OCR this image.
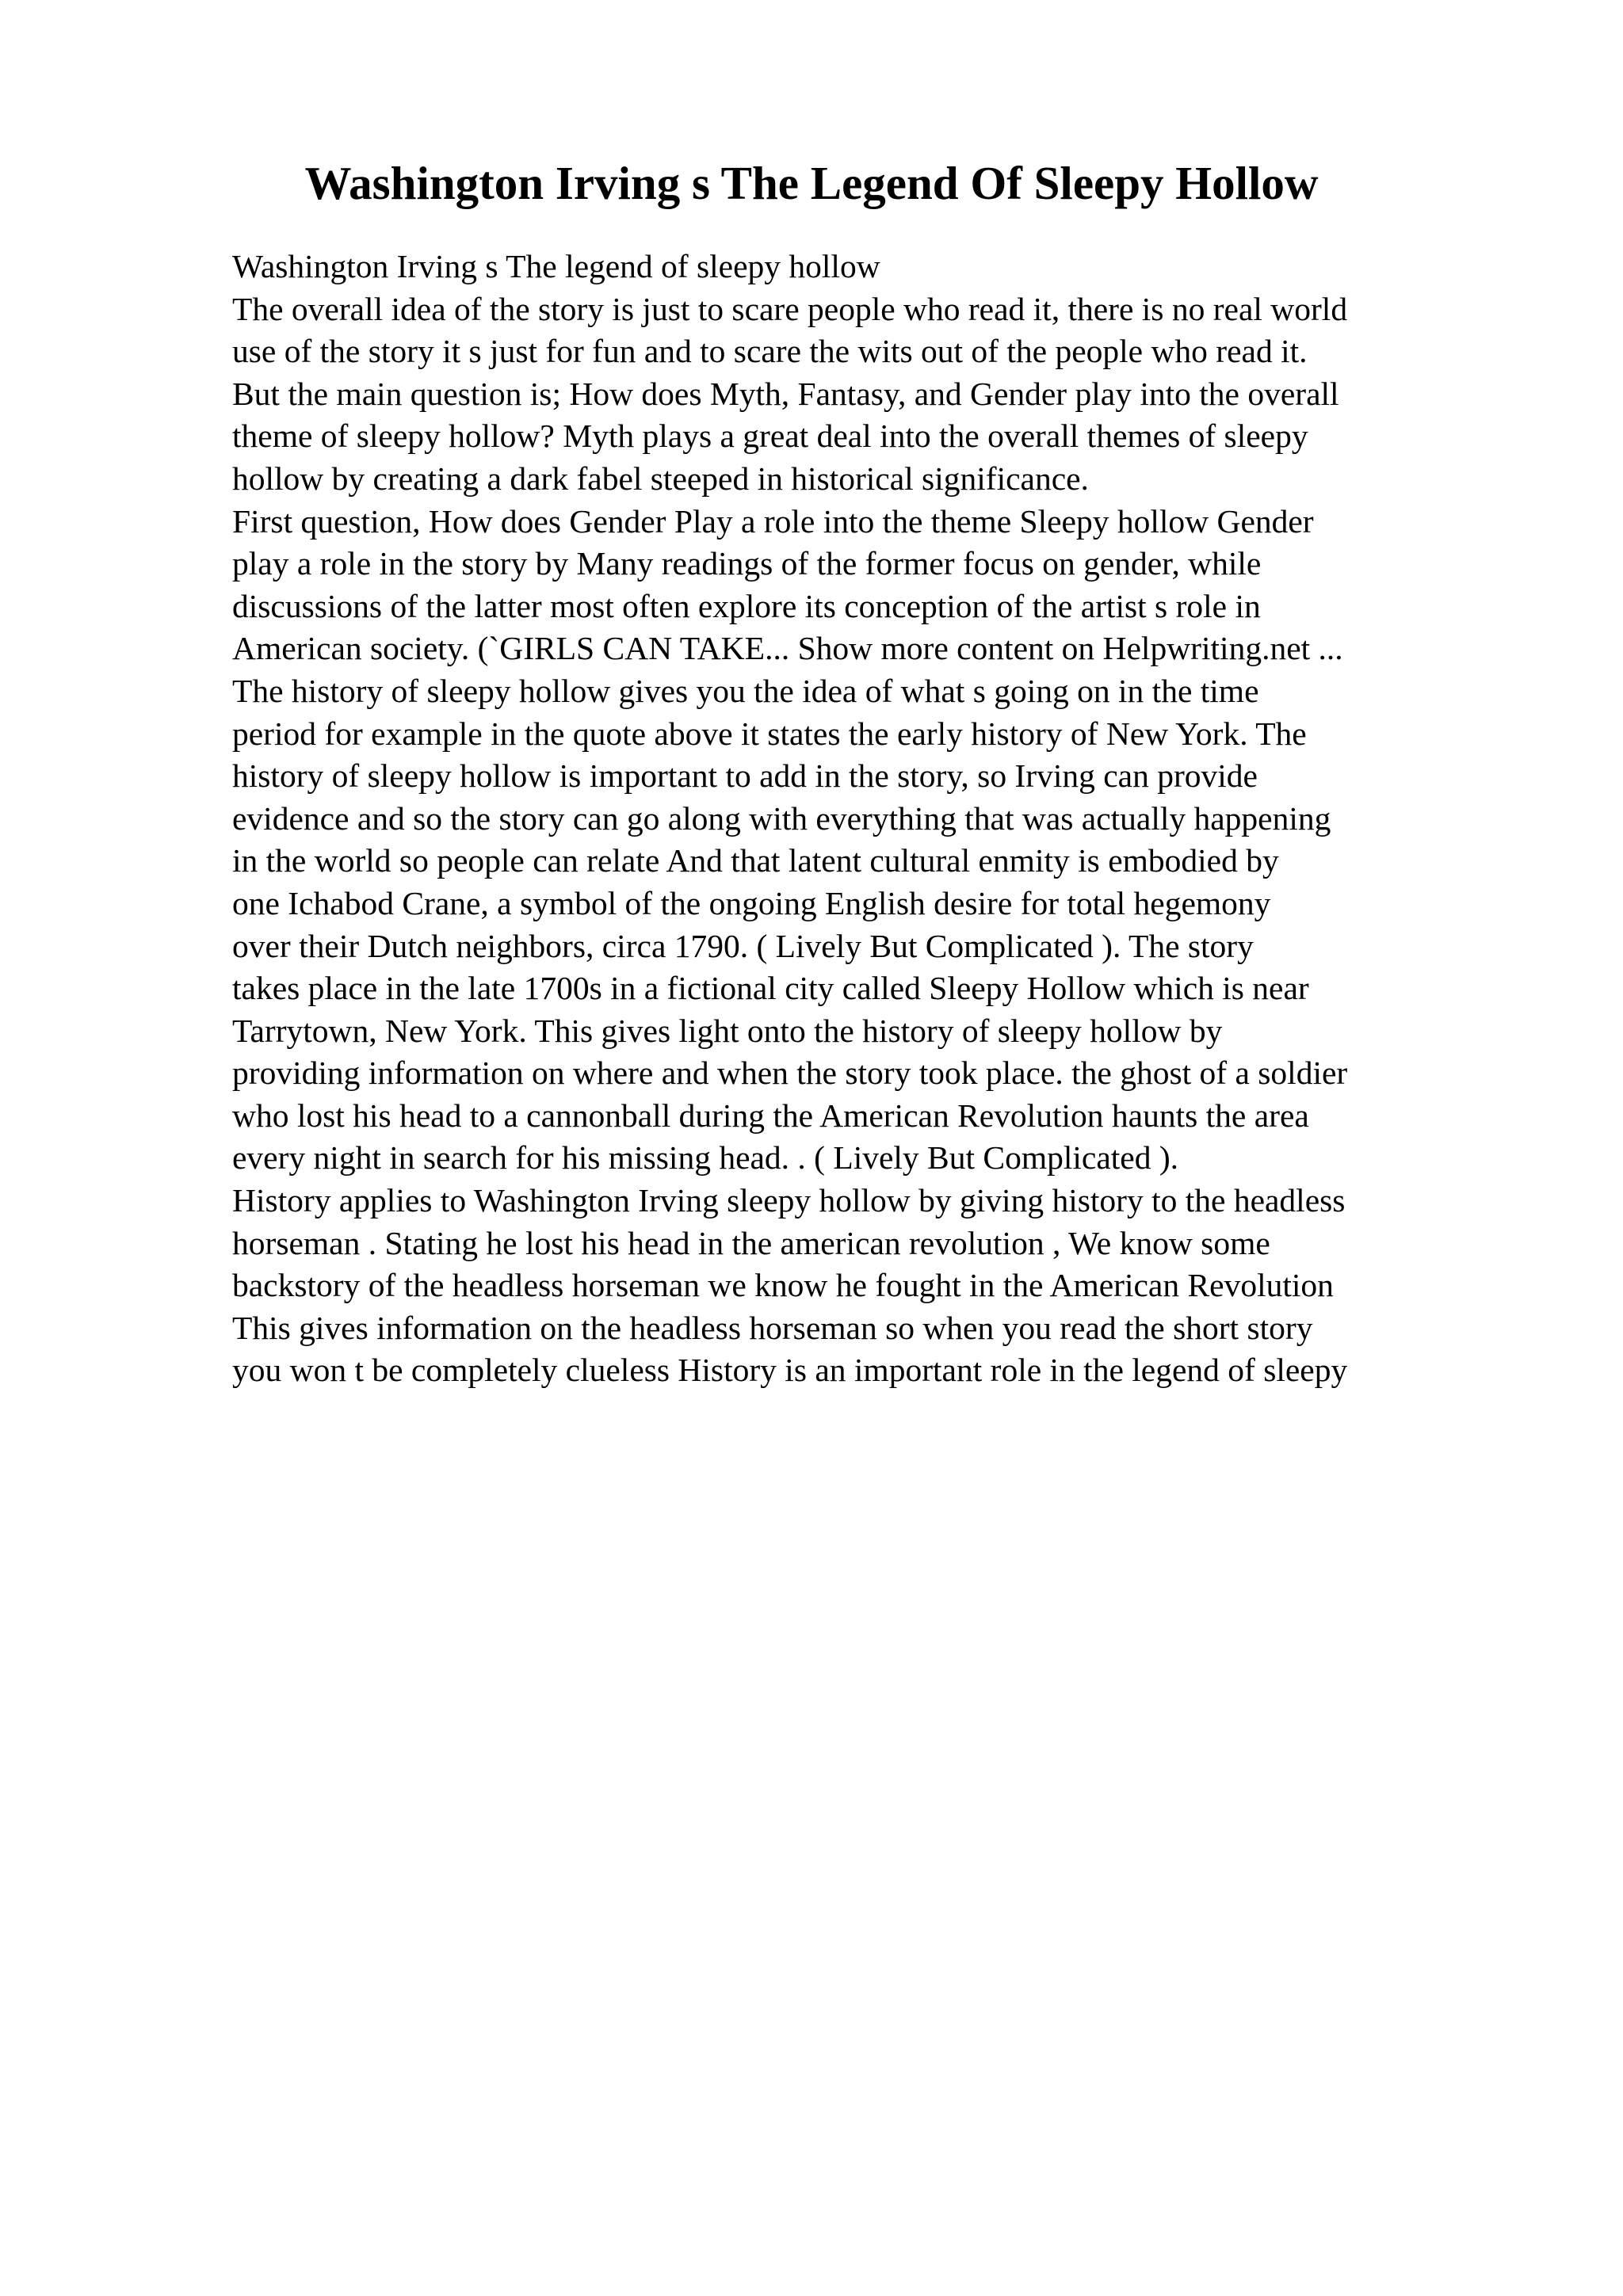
Washington Irving s The Legend Of Sleepy Hollow
Washington Irving s The legend of sleepy hollow
The overall idea of the story is just to scare people who read it, there is no real world
use of the story it s just for fun and to scare the wits out of the people who read it.
But the main question is; How does Myth, Fantasy, and Gender play into the overall
theme of sleepy hollow? Myth plays a great deal into the overall themes of sleepy
hollow by creating a dark fabel steeped in historical significance.
First question, How does Gender Play a role into the theme Sleepy hollow Gender
play a role in the story by Many readings of the former focus on gender, while
discussions of the latter most often explore its conception of the artist s role in
American society. (`GIRLS CAN TAKE... Show more content on Helpwriting.net ...
The history of sleepy hollow gives you the idea of what s going on in the time
period for example in the quote above it states the early history of New York. The
history of sleepy hollow is important to add in the story, so Irving can provide
evidence and so the story can go along with everything that was actually happening
in the world so people can relate And that latent cultural enmity is embodied by
one Ichabod Crane, a symbol of the ongoing English desire for total hegemony
over their Dutch neighbors, circa 1790. ( Lively But Complicated ). The story
takes place in the late 1700s in a fictional city called Sleepy Hollow which is near
Tarrytown, New York. This gives light onto the history of sleepy hollow by
providing information on where and when the story took place. the ghost of a soldier
who lost his head to a cannonball during the American Revolution haunts the area
every night in search for his missing head. . ( Lively But Complicated ).
History applies to Washington Irving sleepy hollow by giving history to the headless
horseman . Stating he lost his head in the american revolution , We know some
backstory of the headless horseman we know he fought in the American Revolution
This gives information on the headless horseman so when you read the short story
you won t be completely clueless History is an important role in the legend of sleepy
